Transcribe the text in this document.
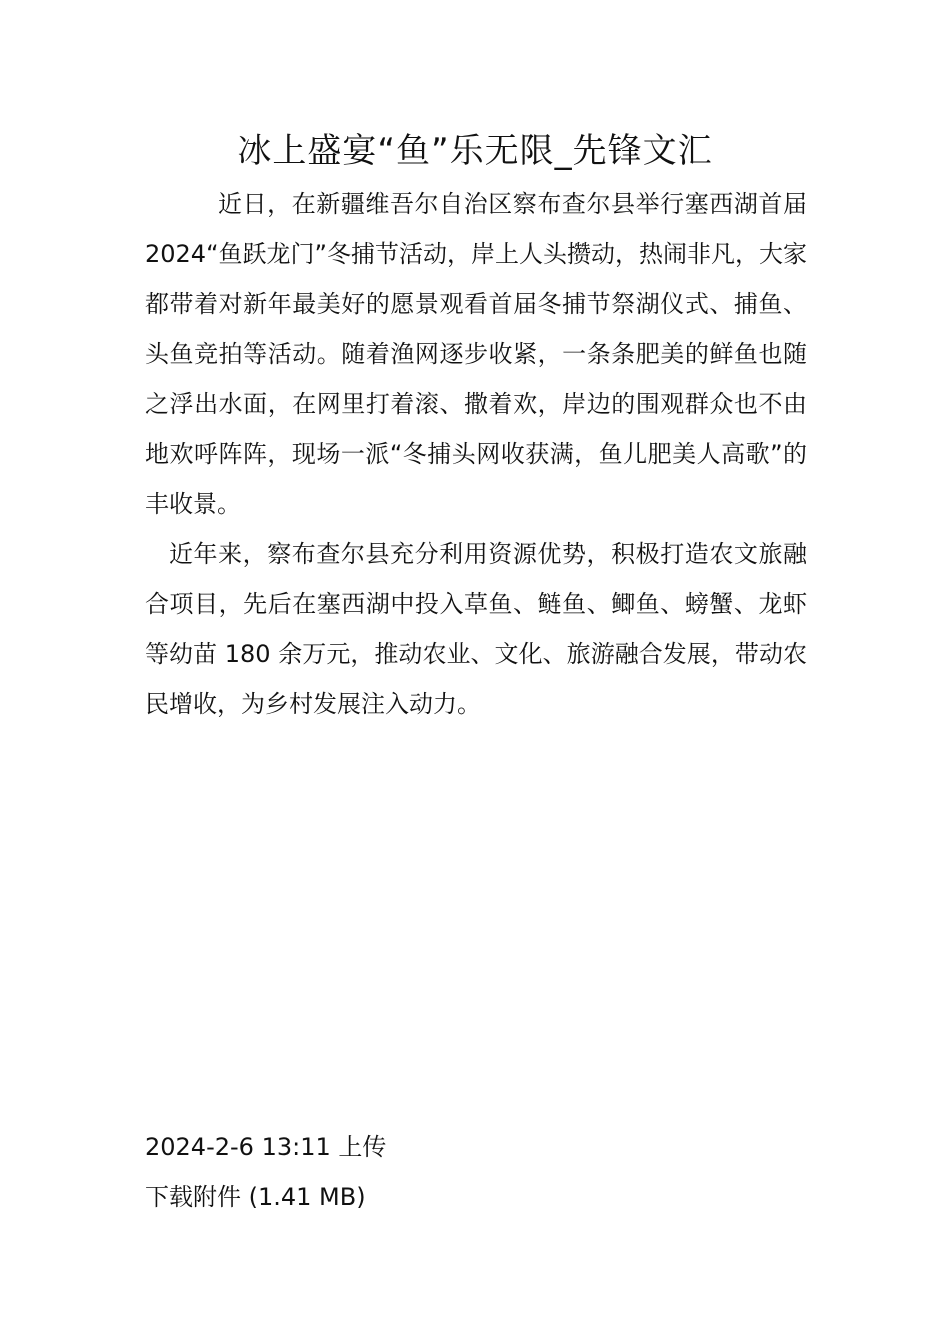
冰上盛宴“鱼”乐无限_先锋文汇

近日，在新疆维吾尔自治区察布查尔县举行塞西湖首届 2024“鱼跃龙门”冬捕节活动，岸上人头攒动，热闹非凡，大家都带着对新年最美好的愿景观看首届冬捕节祭湖仪式、捕鱼、头鱼竞拍等活动。随着渔网逐步收紧，一条条肥美的鲜鱼也随之浮出水面，在网里打着滚、撒着欢，岸边的围观群众也不由地欢呼阵阵，现场一派“冬捕头网收获满，鱼儿肥美人高歌”的丰收景。

近年来，察布查尔县充分利用资源优势，积极打造农文旅融合项目，先后在塞西湖中投入草鱼、鲢鱼、鲫鱼、螃蟹、龙虾等幼苗 180 余万元，推动农业、文化、旅游融合发展，带动农民增收，为乡村发展注入动力。

2024-2-6 13:11 上传
下载附件 (1.41 MB)
